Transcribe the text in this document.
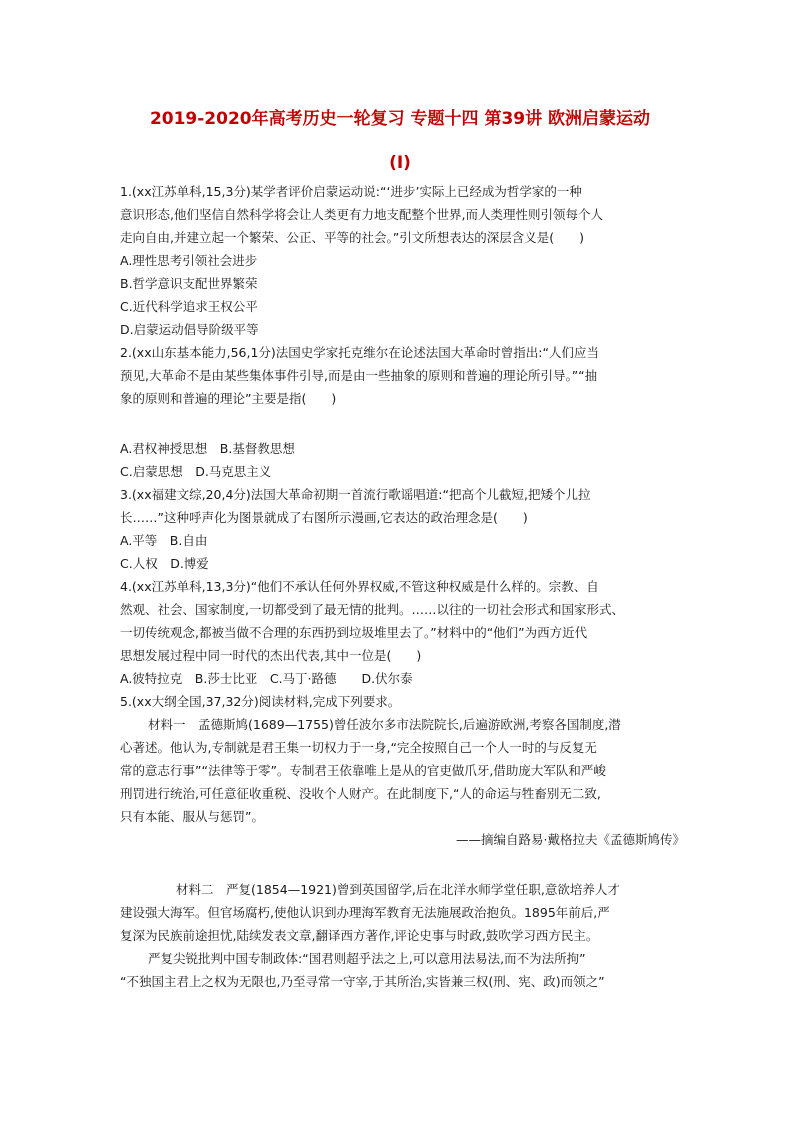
2019-2020年高考历史一轮复习 专题十四 第39讲 欧洲启蒙运动
(I)
1.(xx江苏单科,15,3分)某学者评价启蒙运动说:“‘进步’实际上已经成为哲学家的一种
意识形态,他们坚信自然科学将会让人类更有力地支配整个世界,而人类理性则引领每个人
走向自由,并建立起一个繁荣、公正、平等的社会。”引文所想表达的深层含义是(　　)
A.理性思考引领社会进步
B.哲学意识支配世界繁荣
C.近代科学追求王权公平
D.启蒙运动倡导阶级平等
2.(xx山东基本能力,56,1分)法国史学家托克维尔在论述法国大革命时曾指出:“人们应当
预见,大革命不是由某些集体事件引导,而是由一些抽象的原则和普遍的理论所引导。”“抽
象的原则和普遍的理论”主要是指(　　)
A.君权神授思想　B.基督教思想
C.启蒙思想　D.马克思主义
3.(xx福建文综,20,4分)法国大革命初期一首流行歌谣唱道:“把高个儿截短,把矮个儿拉
长……”这种呼声化为图景就成了右图所示漫画,它表达的政治理念是(　　)
A.平等　B.自由
C.人权　D.博爱
4.(xx江苏单科,13,3分)“他们不承认任何外界权威,不管这种权威是什么样的。宗教、自
然观、社会、国家制度,一切都受到了最无情的批判。……以往的一切社会形式和国家形式、
一切传统观念,都被当做不合理的东西扔到垃圾堆里去了。”材料中的“他们”为西方近代
思想发展过程中同一时代的杰出代表,其中一位是(　　)
A.彼特拉克　B.莎士比亚　C.马丁·路德　　D.伏尔泰
5.(xx大纲全国,37,32分)阅读材料,完成下列要求。
材料一　孟德斯鸠(1689—1755)曾任波尔多市法院院长,后遍游欧洲,考察各国制度,潜
心著述。他认为,专制就是君王集一切权力于一身,“完全按照自己一个人一时的与反复无
常的意志行事”“法律等于零”。专制君王依靠唯上是从的官吏做爪牙,借助庞大军队和严峻
刑罚进行统治,可任意征收重税、没收个人财产。在此制度下,“人的命运与牲畜别无二致,
只有本能、服从与惩罚”。
——摘编自路易·戴格拉夫《孟德斯鸠传》
材料二　严复(1854—1921)曾到英国留学,后在北洋水师学堂任职,意欲培养人才
建设强大海军。但官场腐朽,使他认识到办理海军教育无法施展政治抱负。1895年前后,严
复深为民族前途担忧,陆续发表文章,翻译西方著作,评论史事与时政,鼓吹学习西方民主。
严复尖锐批判中国专制政体:“国君则超乎法之上,可以意用法易法,而不为法所拘”
“不独国主君上之权为无限也,乃至寻常一守宰,于其所治,实皆兼三权(刑、宪、政)而领之”
